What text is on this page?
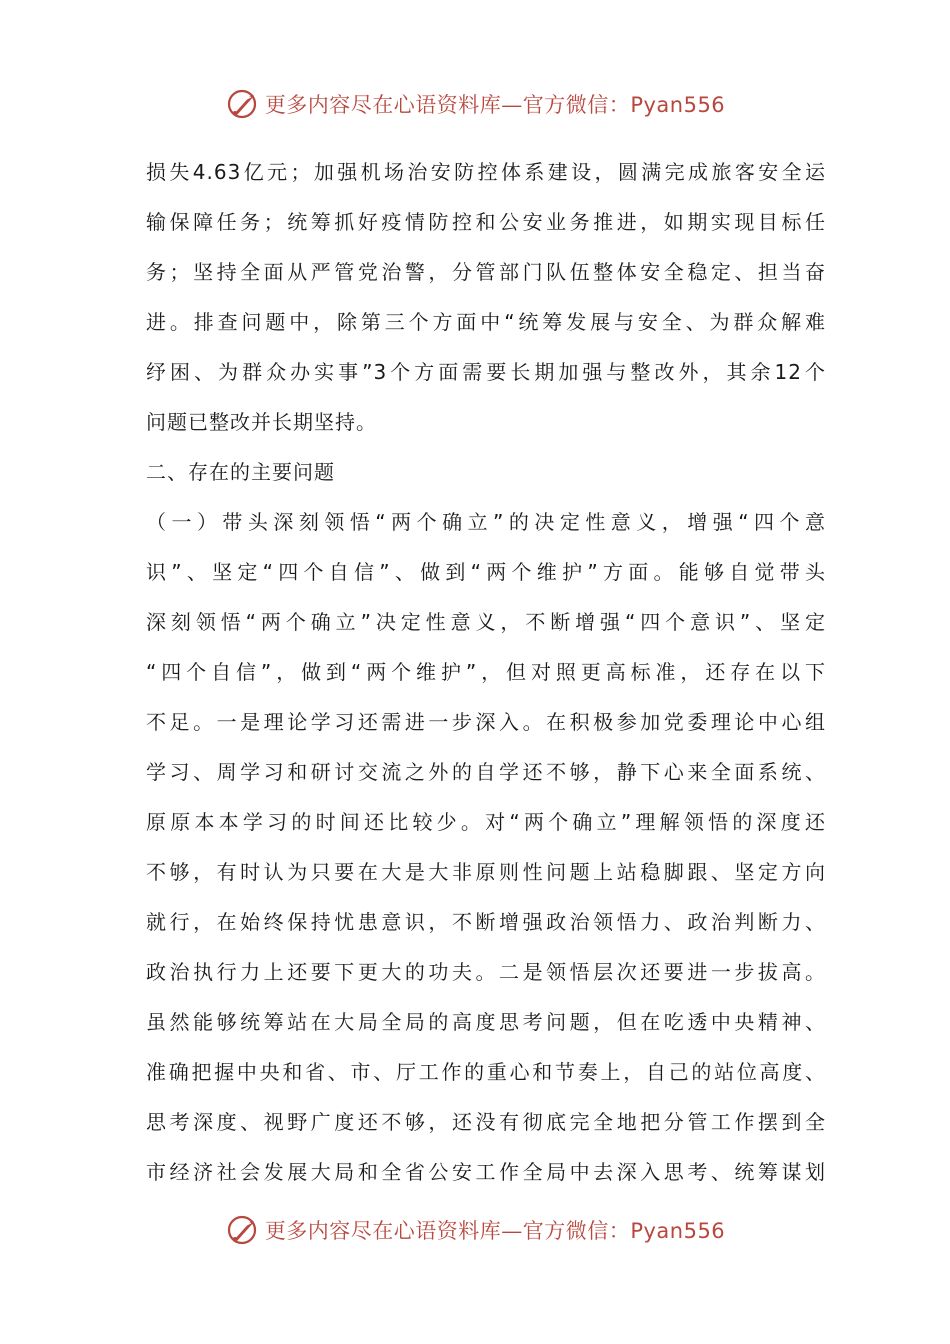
更多内容尽在心语资料库—官方微信：Pyan556
损失4.63亿元；加强机场治安防控体系建设，圆满完成旅客安全运
输保障任务；统筹抓好疫情防控和公安业务推进，如期实现目标任
务；坚持全面从严管党治警，分管部门队伍整体安全稳定、担当奋
进。排查问题中，除第三个方面中“统筹发展与安全、为群众解难
纾困、为群众办实事”3个方面需要长期加强与整改外，其余12个
问题已整改并长期坚持。
二、存在的主要问题
（一）带头深刻领悟“两个确立”的决定性意义，增强“四个意
识”、坚定“四个自信”、做到“两个维护”方面。能够自觉带头
深刻领悟“两个确立”决定性意义，不断增强“四个意识”、坚定
“四个自信”，做到“两个维护”，但对照更高标准，还存在以下
不足。一是理论学习还需进一步深入。在积极参加党委理论中心组
学习、周学习和研讨交流之外的自学还不够，静下心来全面系统、
原原本本学习的时间还比较少。对“两个确立”理解领悟的深度还
不够，有时认为只要在大是大非原则性问题上站稳脚跟、坚定方向
就行，在始终保持忧患意识，不断增强政治领悟力、政治判断力、
政治执行力上还要下更大的功夫。二是领悟层次还要进一步拔高。
虽然能够统筹站在大局全局的高度思考问题，但在吃透中央精神、
准确把握中央和省、市、厅工作的重心和节奏上，自己的站位高度、
思考深度、视野广度还不够，还没有彻底完全地把分管工作摆到全
市经济社会发展大局和全省公安工作全局中去深入思考、统筹谋划
更多内容尽在心语资料库—官方微信：Pyan556
